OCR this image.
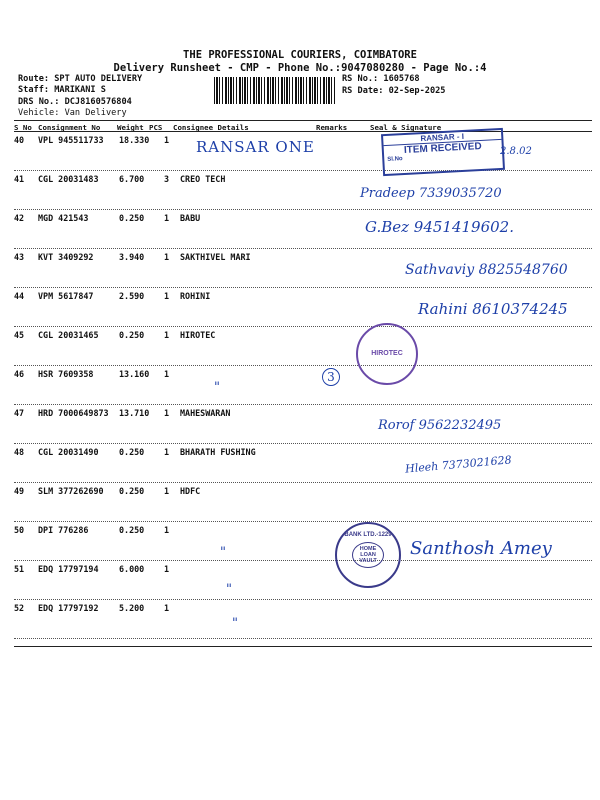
THE PROFESSIONAL COURIERS, COIMBATORE
Delivery Runsheet - CMP - Phone No.:9047080280 - Page No.:4
Route: SPT AUTO DELIVERY
Staff: MARIKANI S
DRS No.: DCJ8160576804
Vehicle: Van Delivery
RS No.: 1605768
RS Date: 02-Sep-2025
S No Consignment No Weight PCS Consignee Details	Remarks	Seal & Signature
40 VPL 945511733 18.330 1
41 CGL 20031483 6.700 3 CREO TECH
42 MGD 421543	0.250 1 BABU
43 KVT 3409292	3.940 1 SAKTHIVEL MARI
44 VPM 5617847	2.590 1 ROHINI
45 CGL 20031465 0.250 1 HIROTEC
46 HSR 7609358	13.160 1
47 HRD 7000649873 13.710 1 MAHESWARAN
48 CGL 20031490 0.250 1 BHARATH FUSHING
49 SLM 377262690 0.250 1 HDFC
50 DPI 776286	0.250 1
51 EDQ 17797194 6.000 1
52 EDQ 17797192 5.200 1
RANSAR ONE
RANSAR - I
ITEM RECEIVED
Sl.No
2.8.02
Pradeep 7339035720
G.Bez 9451419602.
Sathvaviy 8825548760
Rahini 8610374245
HIROTEC
3
"
Rorof 9562232495
Hleeh 7373021628
BANK LTD.-1229
HOME LOAN VAULT
Santhosh Amey
"
"
"
